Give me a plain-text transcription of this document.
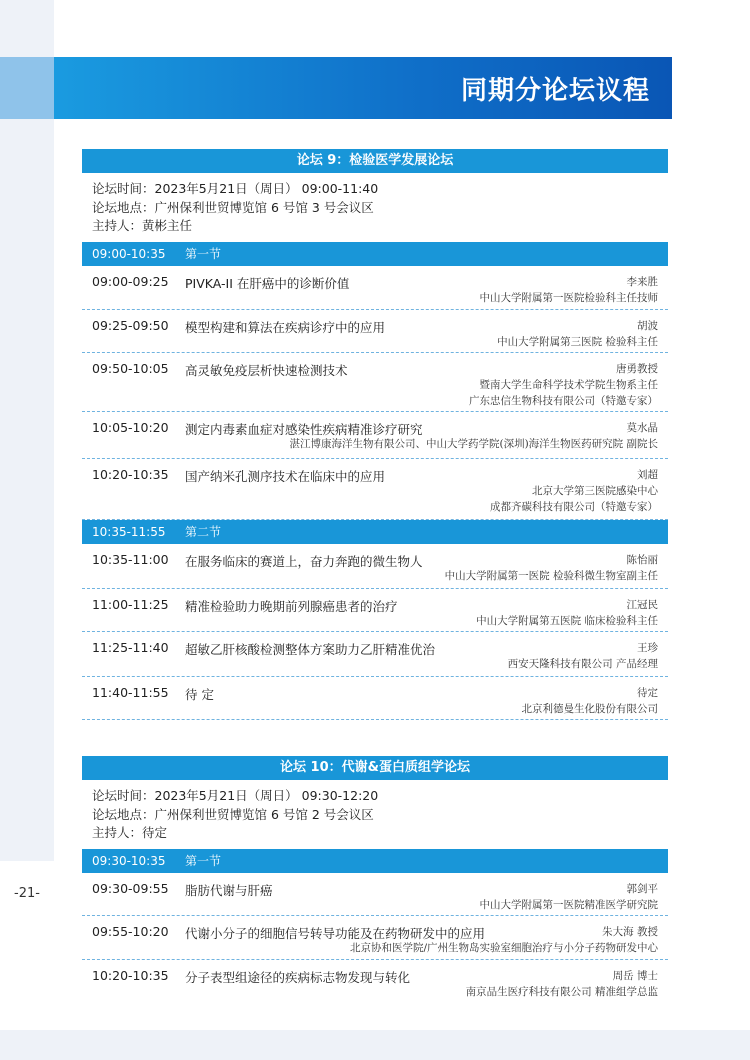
-21-
同期分论坛议程
论坛 9：检验医学发展论坛
论坛时间：2023年5月21日（周日） 09:00-11:40
论坛地点：广州保利世贸博览馆 6 号馆 3 号会议区
主持人：黄彬主任
09:00-10:35 第一节
09:00-09:25 PIVKA-II 在肝癌中的诊断价值	李来胜
中山大学附属第一医院检验科主任技师
09:25-09:50 模型构建和算法在疾病诊疗中的应用	胡波
中山大学附属第三医院 检验科主任
09:50-10:05 高灵敏免疫层析快速检测技术	唐勇教授
暨南大学生命科学技术学院生物系主任
广东忠信生物科技有限公司（特邀专家）
10:05-10:20 测定内毒素血症对感染性疾病精准诊疗研究	莫水晶
湛江博康海洋生物有限公司、中山大学药学院(深圳)海洋生物医药研究院 副院长
10:20-10:35 国产纳米孔测序技术在临床中的应用	刘超
北京大学第三医院感染中心
成都齐碳科技有限公司（特邀专家）
10:35-11:55 第二节
10:35-11:00 在服务临床的赛道上，奋力奔跑的微生物人	陈怡丽
中山大学附属第一医院 检验科微生物室副主任
11:00-11:25 精准检验助力晚期前列腺癌患者的治疗	江冠民
中山大学附属第五医院 临床检验科主任
11:25-11:40 超敏乙肝核酸检测整体方案助力乙肝精准优治	王珍
西安天隆科技有限公司 产品经理
11:40-11:55 待 定	待定
北京利德曼生化股份有限公司
论坛 10：代谢&蛋白质组学论坛
论坛时间：2023年5月21日（周日） 09:30-12:20
论坛地点：广州保利世贸博览馆 6 号馆 2 号会议区
主持人：待定
09:30-10:35 第一节
09:30-09:55 脂肪代谢与肝癌	郭剑平
中山大学附属第一医院精准医学研究院
09:55-10:20 代谢小分子的细胞信号转导功能及在药物研发中的应用	朱大海 教授
北京协和医学院/广州生物岛实验室细胞治疗与小分子药物研发中心
10:20-10:35 分子表型组途径的疾病标志物发现与转化	周岳 博士
南京品生医疗科技有限公司 精准组学总监
